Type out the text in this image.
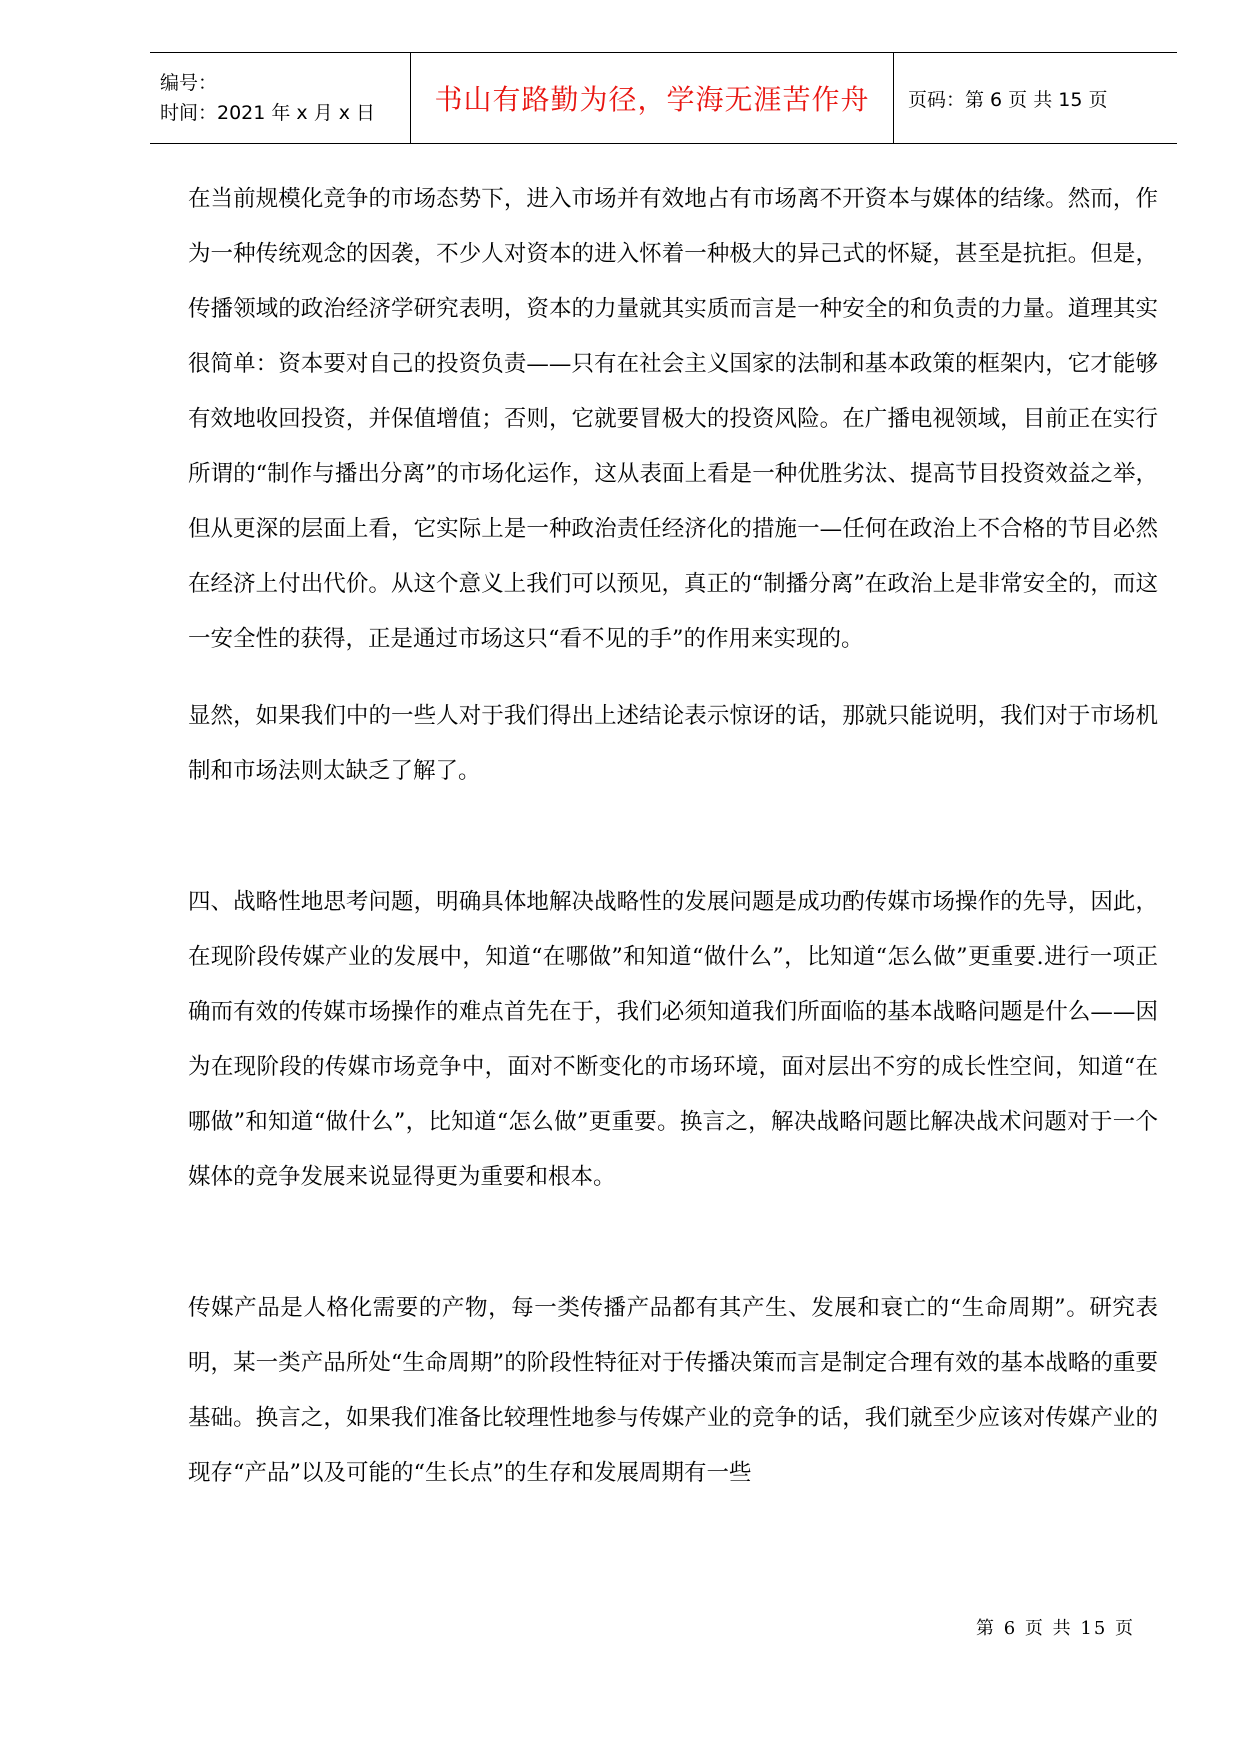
编号：
时间：2021 年 x 月 x 日	书山有路勤为径，学海无涯苦作舟	页码：第 6 页 共 15 页

在当前规模化竞争的市场态势下，进入市场并有效地占有市场离不开资本与媒体的结缘。然而，作为一种传统观念的因袭，不少人对资本的进入怀着一种极大的异己式的怀疑，甚至是抗拒。但是，传播领域的政治经济学研究表明，资本的力量就其实质而言是一种安全的和负责的力量。道理其实很简单：资本要对自己的投资负责——只有在社会主义国家的法制和基本政策的框架内，它才能够有效地收回投资，并保值增值；否则，它就要冒极大的投资风险。在广播电视领域，目前正在实行所谓的“制作与播出分离”的市场化运作，这从表面上看是一种优胜劣汰、提高节目投资效益之举，但从更深的层面上看，它实际上是一种政治责任经济化的措施一—任何在政治上不合格的节目必然在经济上付出代价。从这个意义上我们可以预见，真正的“制播分离”在政治上是非常安全的，而这一安全性的获得，正是通过市场这只“看不见的手”的作用来实现的。

显然，如果我们中的一些人对于我们得出上述结论表示惊讶的话，那就只能说明，我们对于市场机制和市场法则太缺乏了解了。

四、战略性地思考问题，明确具体地解决战略性的发展问题是成功酌传媒市场操作的先导，因此，在现阶段传媒产业的发展中，知道“在哪做”和知道“做什么”，比知道“怎么做”更重要.进行一项正确而有效的传媒市场操作的难点首先在于，我们必须知道我们所面临的基本战略问题是什么——因为在现阶段的传媒市场竞争中，面对不断变化的市场环境，面对层出不穷的成长性空间，知道“在哪做”和知道“做什么”，比知道“怎么做”更重要。换言之，解决战略问题比解决战术问题对于一个媒体的竞争发展来说显得更为重要和根本。

传媒产品是人格化需要的产物，每一类传播产品都有其产生、发展和衰亡的“生命周期”。研究表明，某一类产品所处“生命周期”的阶段性特征对于传播决策而言是制定合理有效的基本战略的重要基础。换言之，如果我们准备比较理性地参与传媒产业的竞争的话，我们就至少应该对传媒产业的现存“产品”以及可能的“生长点”的生存和发展周期有一些

第 6 页 共 15 页
